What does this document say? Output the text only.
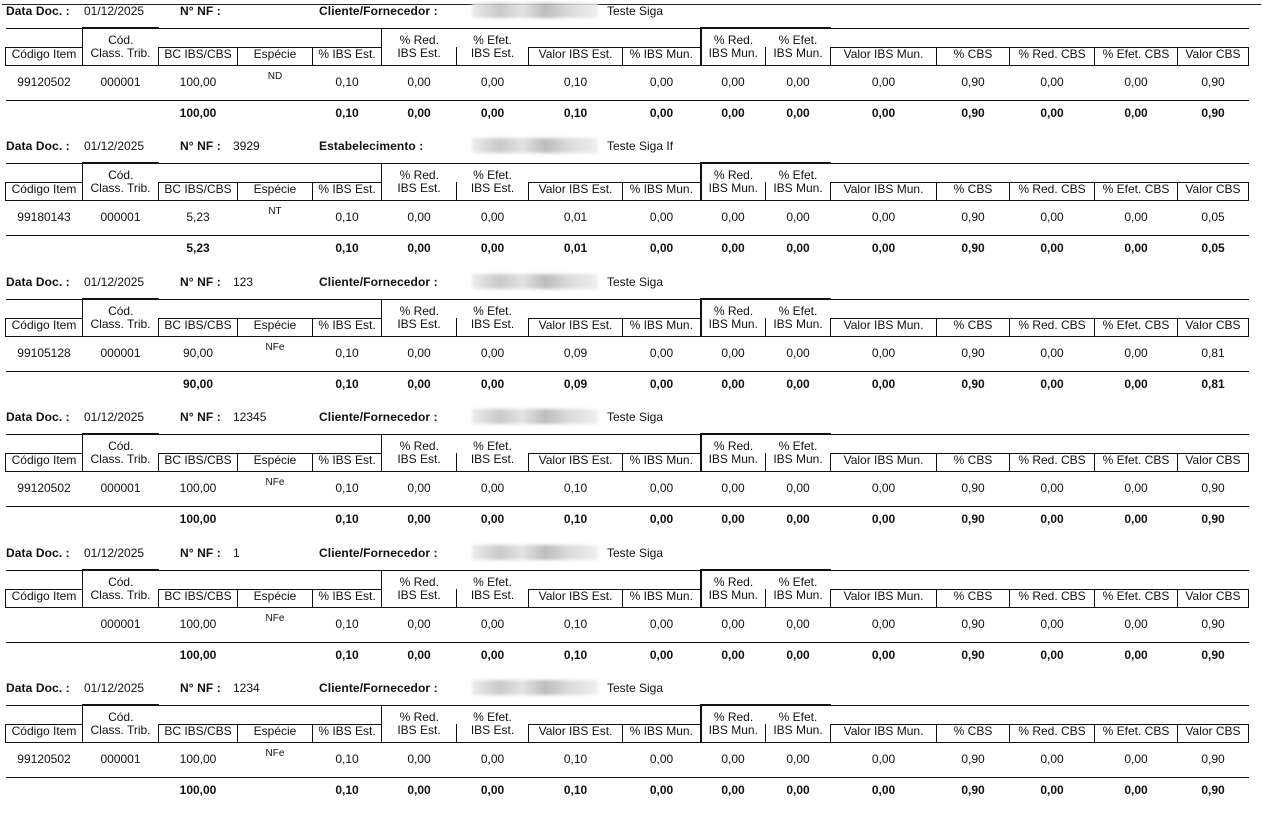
Data Doc. : 01/12/2025	N° NF :	Cliente/Fornecedor :	Teste Siga
	Cód.				% Red.	% Efet.			% Red.	% Efet.					
Código Item	Class. Trib.	BC IBS/CBS	Espécie	% IBS Est.	IBS Est.	IBS Est.	Valor IBS Est.	% IBS Mun.	IBS Mun.	IBS Mun.	Valor IBS Mun.	% CBS	% Red. CBS	% Efet. CBS	Valor CBS
99120502	000001	100,00	ND	0,10	0,00	0,00	0,10	0,00	0,00	0,00	0,00	0,90	0,00	0,00	0,90
		100,00		0,10	0,00	0,00	0,10	0,00	0,00	0,00	0,00	0,90	0,00	0,00	0,90
Data Doc. : 01/12/2025	N° NF : 3929	Estabelecimento :	Teste Siga If
	Cód.				% Red.	% Efet.			% Red.	% Efet.					
Código Item	Class. Trib.	BC IBS/CBS	Espécie	% IBS Est.	IBS Est.	IBS Est.	Valor IBS Est.	% IBS Mun.	IBS Mun.	IBS Mun.	Valor IBS Mun.	% CBS	% Red. CBS	% Efet. CBS	Valor CBS
99180143	000001	5,23	NT	0,10	0,00	0,00	0,01	0,00	0,00	0,00	0,00	0,90	0,00	0,00	0,05
		5,23		0,10	0,00	0,00	0,01	0,00	0,00	0,00	0,00	0,90	0,00	0,00	0,05
Data Doc. : 01/12/2025	N° NF : 123	Cliente/Fornecedor :	Teste Siga
	Cód.				% Red.	% Efet.			% Red.	% Efet.					
Código Item	Class. Trib.	BC IBS/CBS	Espécie	% IBS Est.	IBS Est.	IBS Est.	Valor IBS Est.	% IBS Mun.	IBS Mun.	IBS Mun.	Valor IBS Mun.	% CBS	% Red. CBS	% Efet. CBS	Valor CBS
99105128	000001	90,00	NFe	0,10	0,00	0,00	0,09	0,00	0,00	0,00	0,00	0,90	0,00	0,00	0,81
		90,00		0,10	0,00	0,00	0,09	0,00	0,00	0,00	0,00	0,90	0,00	0,00	0,81
Data Doc. : 01/12/2025	N° NF : 12345	Cliente/Fornecedor :	Teste Siga
	Cód.				% Red.	% Efet.			% Red.	% Efet.					
Código Item	Class. Trib.	BC IBS/CBS	Espécie	% IBS Est.	IBS Est.	IBS Est.	Valor IBS Est.	% IBS Mun.	IBS Mun.	IBS Mun.	Valor IBS Mun.	% CBS	% Red. CBS	% Efet. CBS	Valor CBS
99120502	000001	100,00	NFe	0,10	0,00	0,00	0,10	0,00	0,00	0,00	0,00	0,90	0,00	0,00	0,90
		100,00		0,10	0,00	0,00	0,10	0,00	0,00	0,00	0,00	0,90	0,00	0,00	0,90
Data Doc. : 01/12/2025	N° NF : 1	Cliente/Fornecedor :	Teste Siga
	Cód.				% Red.	% Efet.			% Red.	% Efet.					
Código Item	Class. Trib.	BC IBS/CBS	Espécie	% IBS Est.	IBS Est.	IBS Est.	Valor IBS Est.	% IBS Mun.	IBS Mun.	IBS Mun.	Valor IBS Mun.	% CBS	% Red. CBS	% Efet. CBS	Valor CBS
	000001	100,00	NFe	0,10	0,00	0,00	0,10	0,00	0,00	0,00	0,00	0,90	0,00	0,00	0,90
		100,00		0,10	0,00	0,00	0,10	0,00	0,00	0,00	0,00	0,90	0,00	0,00	0,90
Data Doc. : 01/12/2025	N° NF : 1234	Cliente/Fornecedor :	Teste Siga
	Cód.				% Red.	% Efet.			% Red.	% Efet.					
Código Item	Class. Trib.	BC IBS/CBS	Espécie	% IBS Est.	IBS Est.	IBS Est.	Valor IBS Est.	% IBS Mun.	IBS Mun.	IBS Mun.	Valor IBS Mun.	% CBS	% Red. CBS	% Efet. CBS	Valor CBS
99120502	000001	100,00	NFe	0,10	0,00	0,00	0,10	0,00	0,00	0,00	0,00	0,90	0,00	0,00	0,90
		100,00		0,10	0,00	0,00	0,10	0,00	0,00	0,00	0,00	0,90	0,00	0,00	0,90
